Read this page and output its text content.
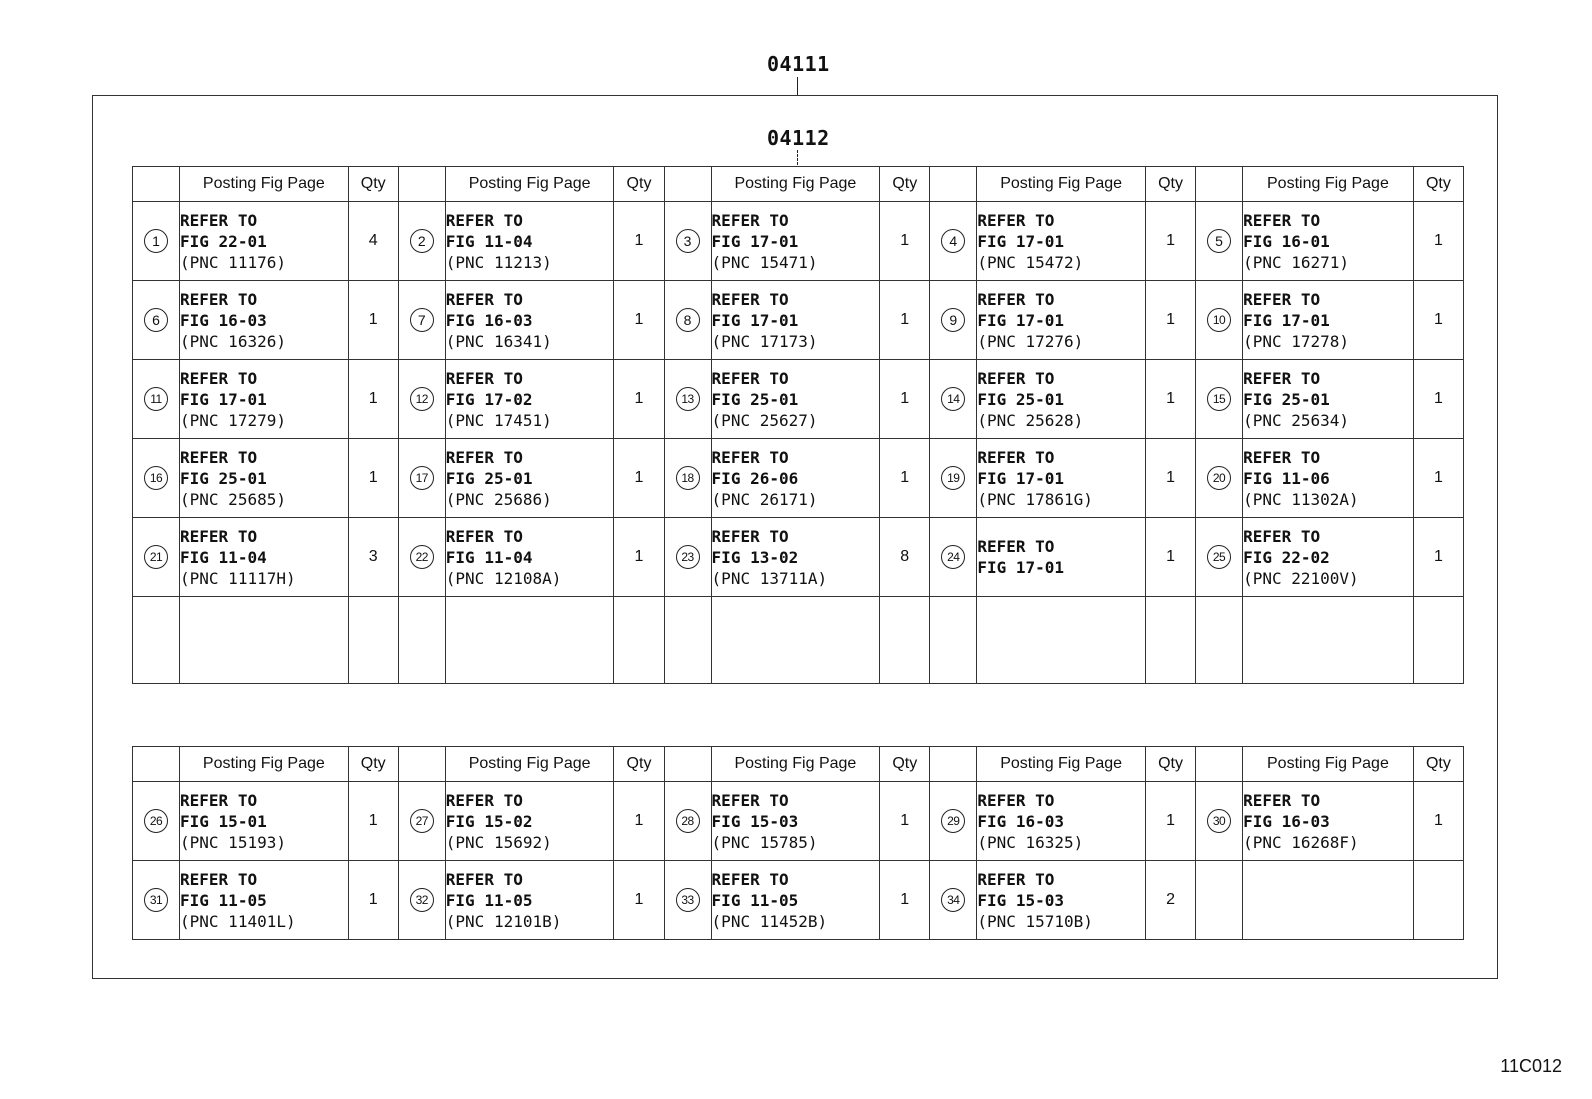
04111
04112
	Posting Fig Page	Qty		Posting Fig Page	Qty		Posting Fig Page	Qty		Posting Fig Page	Qty		Posting Fig Page	Qty
1	REFER TO
FIG 22-01
(PNC 11176)	4	2	REFER TO
FIG 11-04
(PNC 11213)	1	3	REFER TO
FIG 17-01
(PNC 15471)	1	4	REFER TO
FIG 17-01
(PNC 15472)	1	5	REFER TO
FIG 16-01
(PNC 16271)	1
6	REFER TO
FIG 16-03
(PNC 16326)	1	7	REFER TO
FIG 16-03
(PNC 16341)	1	8	REFER TO
FIG 17-01
(PNC 17173)	1	9	REFER TO
FIG 17-01
(PNC 17276)	1	10	REFER TO
FIG 17-01
(PNC 17278)	1
11	REFER TO
FIG 17-01
(PNC 17279)	1	12	REFER TO
FIG 17-02
(PNC 17451)	1	13	REFER TO
FIG 25-01
(PNC 25627)	1	14	REFER TO
FIG 25-01
(PNC 25628)	1	15	REFER TO
FIG 25-01
(PNC 25634)	1
16	REFER TO
FIG 25-01
(PNC 25685)	1	17	REFER TO
FIG 25-01
(PNC 25686)	1	18	REFER TO
FIG 26-06
(PNC 26171)	1	19	REFER TO
FIG 17-01
(PNC 17861G)	1	20	REFER TO
FIG 11-06
(PNC 11302A)	1
21	REFER TO
FIG 11-04
(PNC 11117H)	3	22	REFER TO
FIG 11-04
(PNC 12108A)	1	23	REFER TO
FIG 13-02
(PNC 13711A)	8	24	REFER TO
FIG 17-01	1	25	REFER TO
FIG 22-02
(PNC 22100V)	1

	Posting Fig Page	Qty		Posting Fig Page	Qty		Posting Fig Page	Qty		Posting Fig Page	Qty		Posting Fig Page	Qty
26	REFER TO
FIG 15-01
(PNC 15193)	1	27	REFER TO
FIG 15-02
(PNC 15692)	1	28	REFER TO
FIG 15-03
(PNC 15785)	1	29	REFER TO
FIG 16-03
(PNC 16325)	1	30	REFER TO
FIG 16-03
(PNC 16268F)	1
31	REFER TO
FIG 11-05
(PNC 11401L)	1	32	REFER TO
FIG 11-05
(PNC 12101B)	1	33	REFER TO
FIG 11-05
(PNC 11452B)	1	34	REFER TO
FIG 15-03
(PNC 15710B)	2			
11C012
